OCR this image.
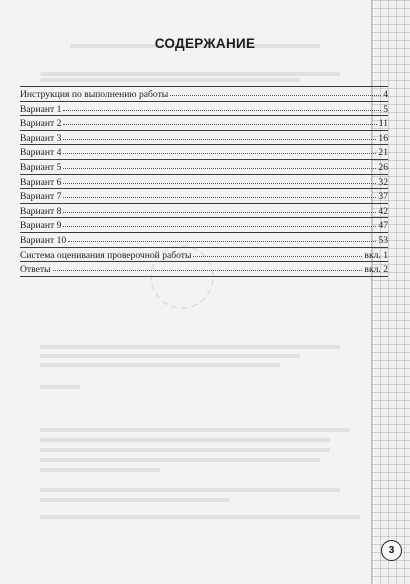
СОДЕРЖАНИЕ
Инструкция по выполнению работы	4
Вариант 1	5
Вариант 2	11
Вариант 3	16
Вариант 4	21
Вариант 5	26
Вариант 6	32
Вариант 7	37
Вариант 8	42
Вариант 9	47
Вариант 10	53
Система оценивания проверочной работы	вкл. 1
Ответы	вкл. 2
3
